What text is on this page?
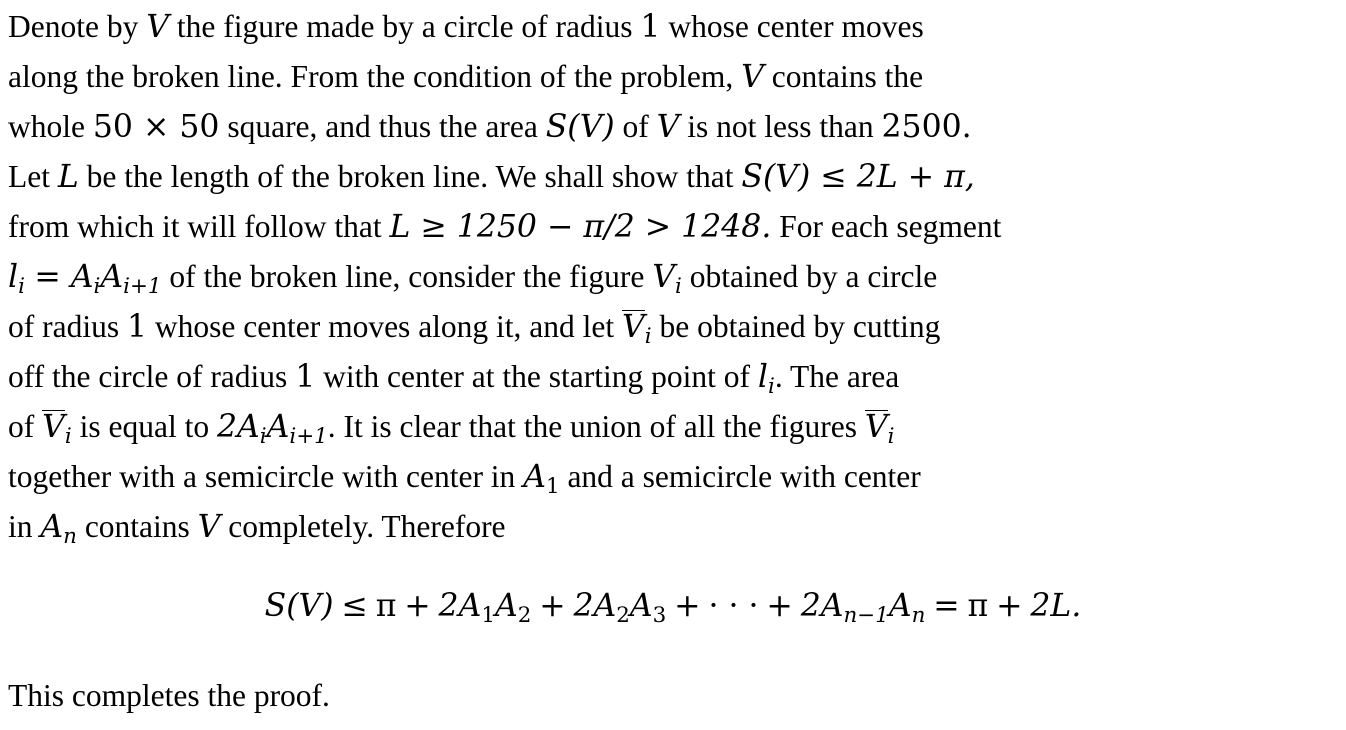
Denote by V the figure made by a circle of radius 1 whose center moves
along the broken line. From the condition of the problem, V contains the
whole 50 × 50 square, and thus the area S(V) of V is not less than 2500.
Let L be the length of the broken line. We shall show that S(V) ≤ 2L + π,
from which it will follow that L ≥ 1250 − π/2 > 1248. For each segment
$l_i = A_iA_{i+1}$ of the broken line, consider the figure $V_i$ obtained by a circle
of radius 1 whose center moves along it, and let $V_i$ be obtained by cutting
off the circle of radius 1 with center at the starting point of $l_i$. The area
of $V_i$ is equal to $2A_iA_{i+1}$. It is clear that the union of all the figures $V_i$
together with a semicircle with center in $A_1$ and a semicircle with center
in $A_n$ contains V completely. Therefore
$S(V) \le \pi + 2A_1A_2 + 2A_2A_3$ + · · · + $2A_{n-1}A_n = \pi + 2L$.
This completes the proof.
